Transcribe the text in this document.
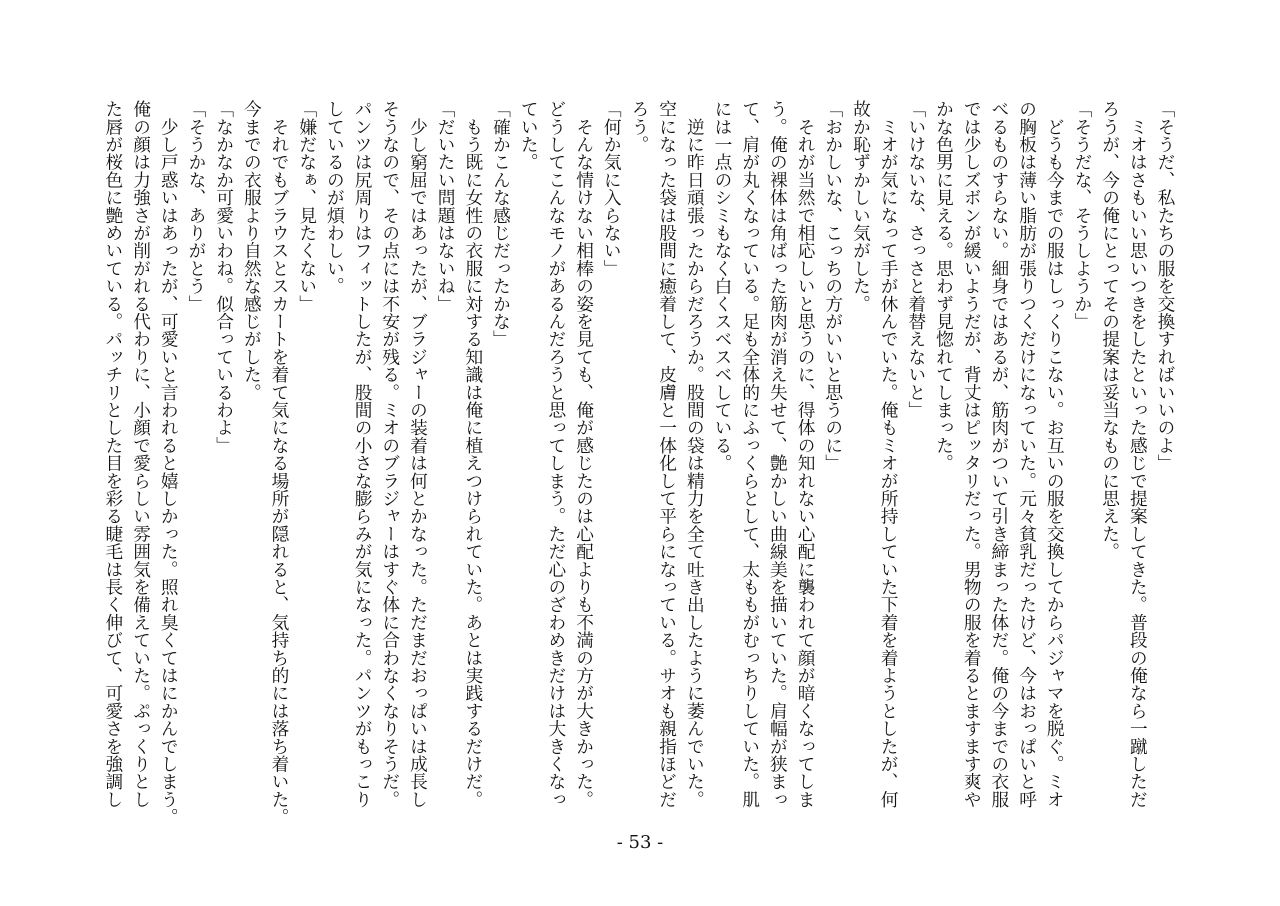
「そうだ、私たちの服を交換すればいいのよ」
　ミオはさもいい思いつきをしたといった感じで提案してきた。普段の俺なら一蹴しただ
ろうが、今の俺にとってその提案は妥当なものに思えた。
「そうだな、そうしようか」
　どうも今までの服はしっくりこない。お互いの服を交換してからパジャマを脱ぐ。ミオ
の胸板は薄い脂肪が張りつくだけになっていた。元々貧乳だったけど、今はおっぱいと呼
べるものすらない。細身ではあるが、筋肉がついて引き締まった体だ。俺の今までの衣服
では少しズボンが緩いようだが、背丈はピッタリだった。男物の服を着るとますます爽や
かな色男に見える。思わず見惚れてしまった。
「いけないな、さっさと着替えないと」
　ミオが気になって手が休んでいた。俺もミオが所持していた下着を着ようとしたが、何
故か恥ずかしい気がした。
「おかしいな、こっちの方がいいと思うのに」
　それが当然で相応しいと思うのに、得体の知れない心配に襲われて顔が暗くなってしま
う。俺の裸体は角ばった筋肉が消え失せて、艶かしい曲線美を描いていた。肩幅が狭まっ
て、肩が丸くなっている。足も全体的にふっくらとして、太ももがむっちりしていた。肌
には一点のシミもなく白くスベスベしている。
　逆に昨日頑張ったからだろうか。股間の袋は精力を全て吐き出したように萎んでいた。
空になった袋は股間に癒着して、皮膚と一体化して平らになっている。サオも親指ほどだ
ろう。
「何か気に入らない」
　そんな情けない相棒の姿を見ても、俺が感じたのは心配よりも不満の方が大きかった。
どうしてこんなモノがあるんだろうと思ってしまう。ただ心のざわめきだけは大きくなっ
ていた。
「確かこんな感じだったかな」
　もう既に女性の衣服に対する知識は俺に植えつけられていた。あとは実践するだけだ。
「だいたい問題はないね」
　少し窮屈ではあったが、ブラジャーの装着は何とかなった。ただまだおっぱいは成長し
そうなので、その点には不安が残る。ミオのブラジャーはすぐ体に合わなくなりそうだ。
パンツは尻周りはフィットしたが、股間の小さな膨らみが気になった。パンツがもっこり
しているのが煩わしい。
「嫌だなぁ、見たくない」
　それでもブラウスとスカートを着て気になる場所が隠れると、気持ち的には落ち着いた。
今までの衣服より自然な感じがした。
「なかなか可愛いわね。似合っているわよ」
「そうかな、ありがとう」
　少し戸惑いはあったが、可愛いと言われると嬉しかった。照れ臭くてはにかんでしまう。
俺の顔は力強さが削がれる代わりに、小顔で愛らしい雰囲気を備えていた。ぷっくりとし
た唇が桜色に艶めいている。パッチリとした目を彩る睫毛は長く伸びて、可愛さを強調し
- 53 -
